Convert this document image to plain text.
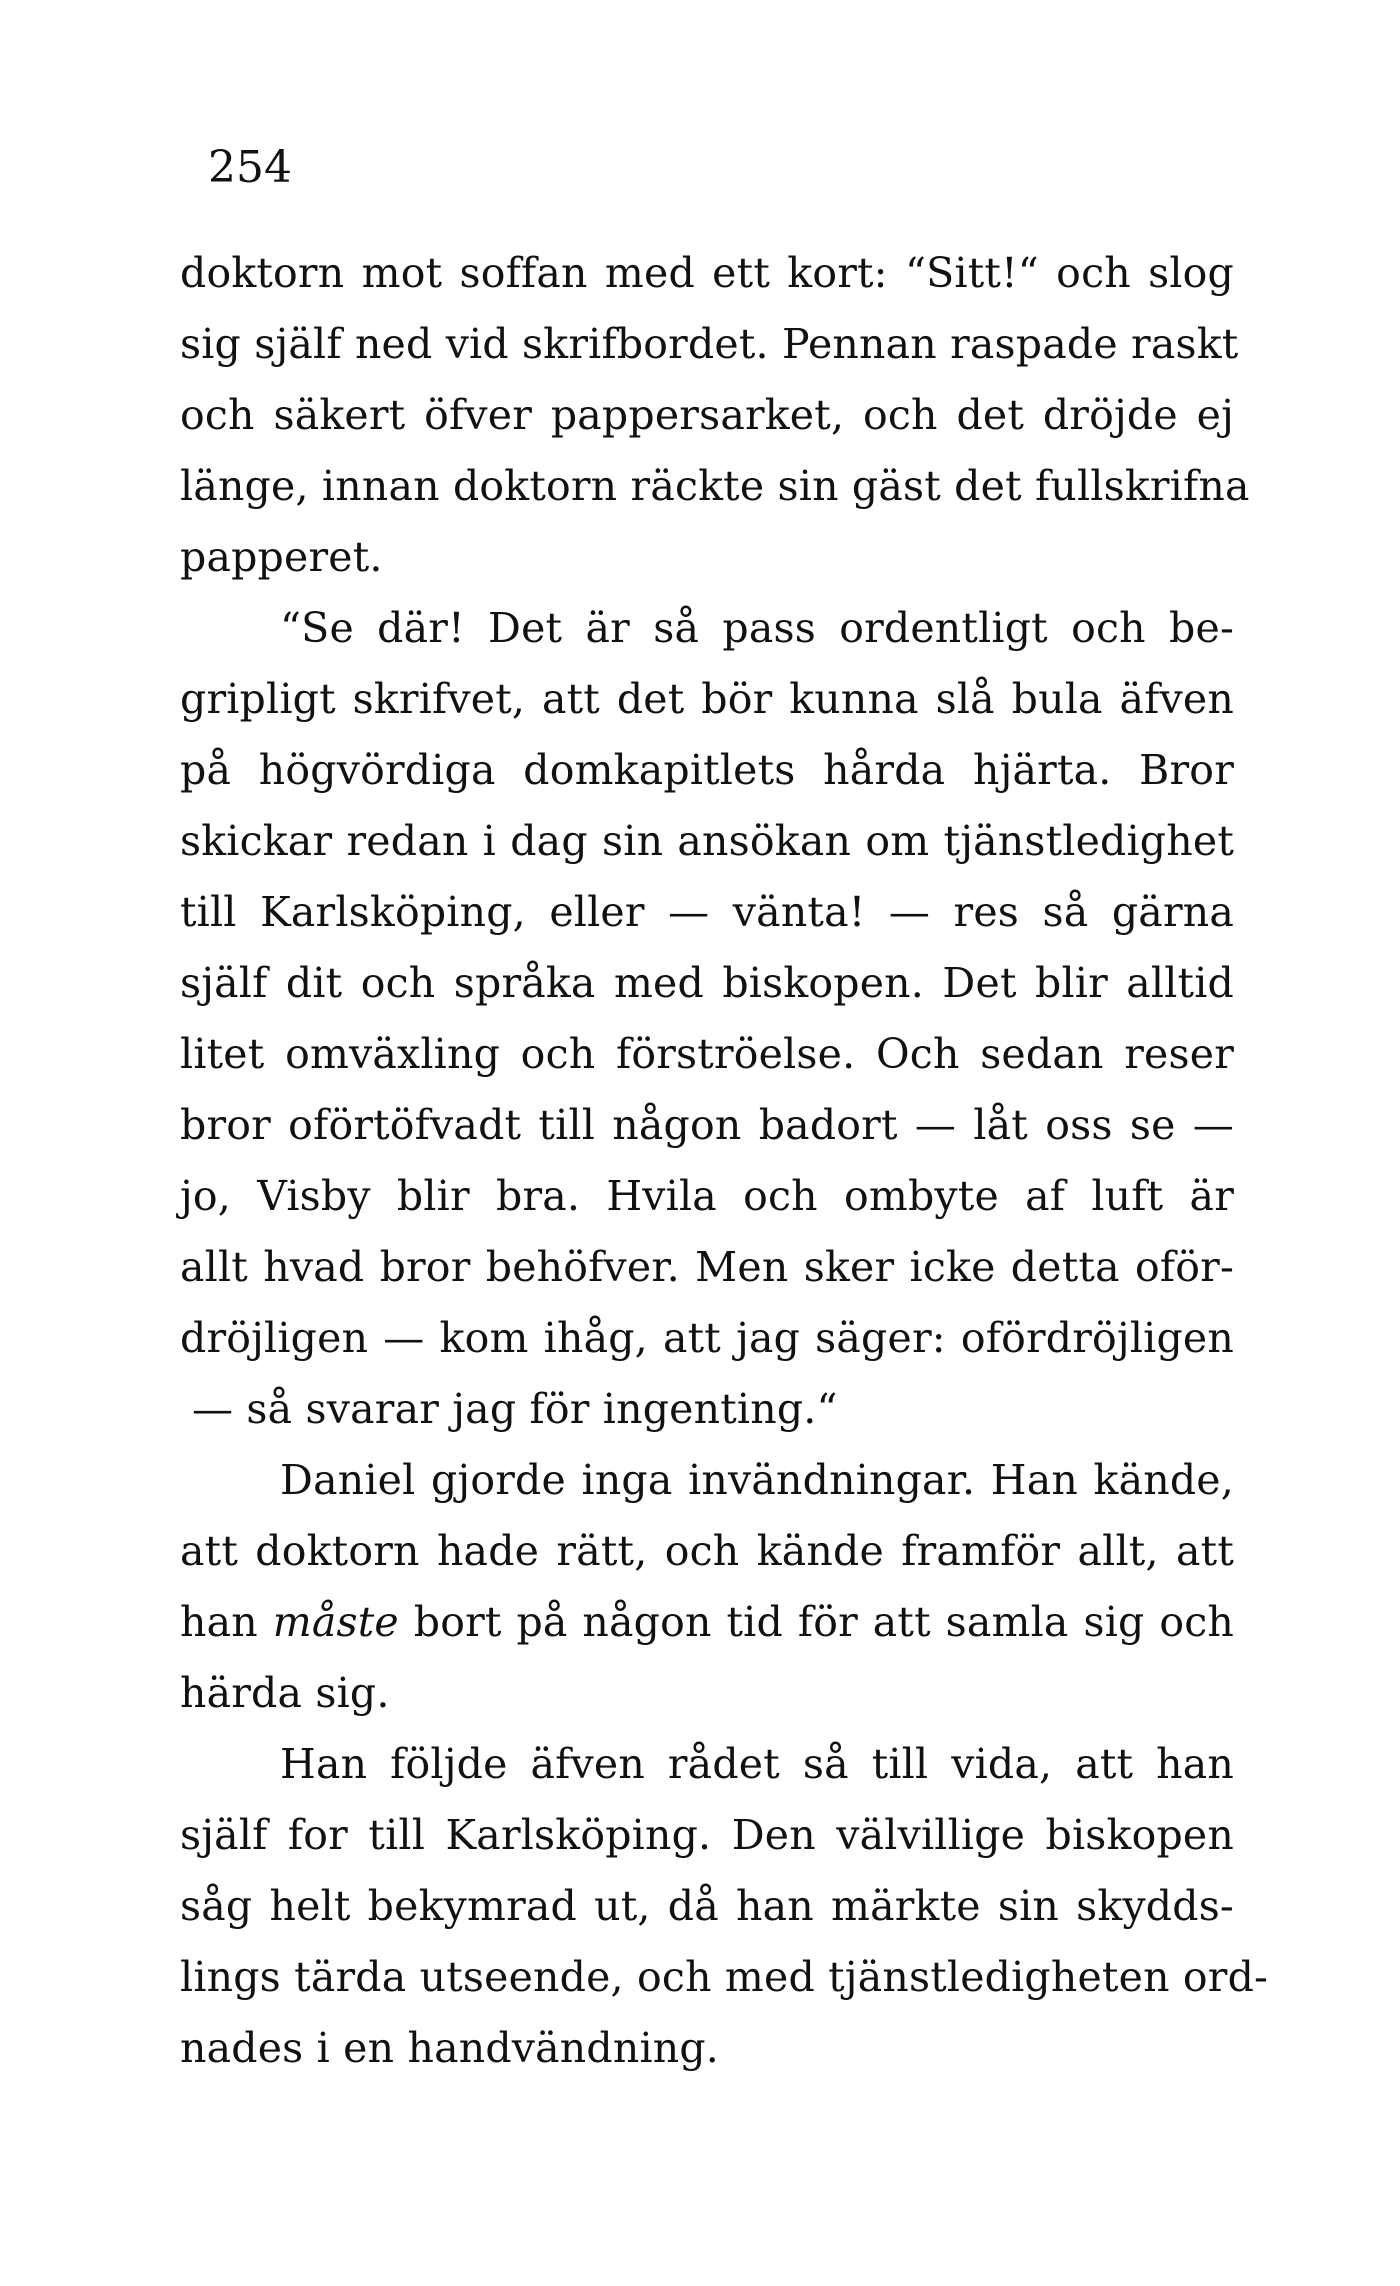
254
doktorn mot soffan med ett kort: “Sitt!“ och slog
sig själf ned vid skrifbordet. Pennan raspade raskt
och säkert öfver pappersarket, och det dröjde ej
länge, innan doktorn räckte sin gäst det fullskrifna
papperet.
“Se där! Det är så pass ordentligt och be-
gripligt skrifvet, att det bör kunna slå bula äfven
på högvördiga domkapitlets hårda hjärta. Bror
skickar redan i dag sin ansökan om tjänstledighet
till Karlsköping, eller — vänta! — res så gärna
själf dit och språka med biskopen. Det blir alltid
litet omväxling och förströelse. Och sedan reser
bror oförtöfvadt till någon badort — låt oss se —
jo, Visby blir bra. Hvila och ombyte af luft är
allt hvad bror behöfver. Men sker icke detta oför-
dröjligen — kom ihåg, att jag säger: ofördröjligen
— så svarar jag för ingenting.“
Daniel gjorde inga invändningar. Han kände,
att doktorn hade rätt, och kände framför allt, att
han måste bort på någon tid för att samla sig och
härda sig.
Han följde äfven rådet så till vida, att han
själf for till Karlsköping. Den välvillige biskopen
såg helt bekymrad ut, då han märkte sin skydds-
lings tärda utseende, och med tjänstledigheten ord-
nades i en handvändning.
